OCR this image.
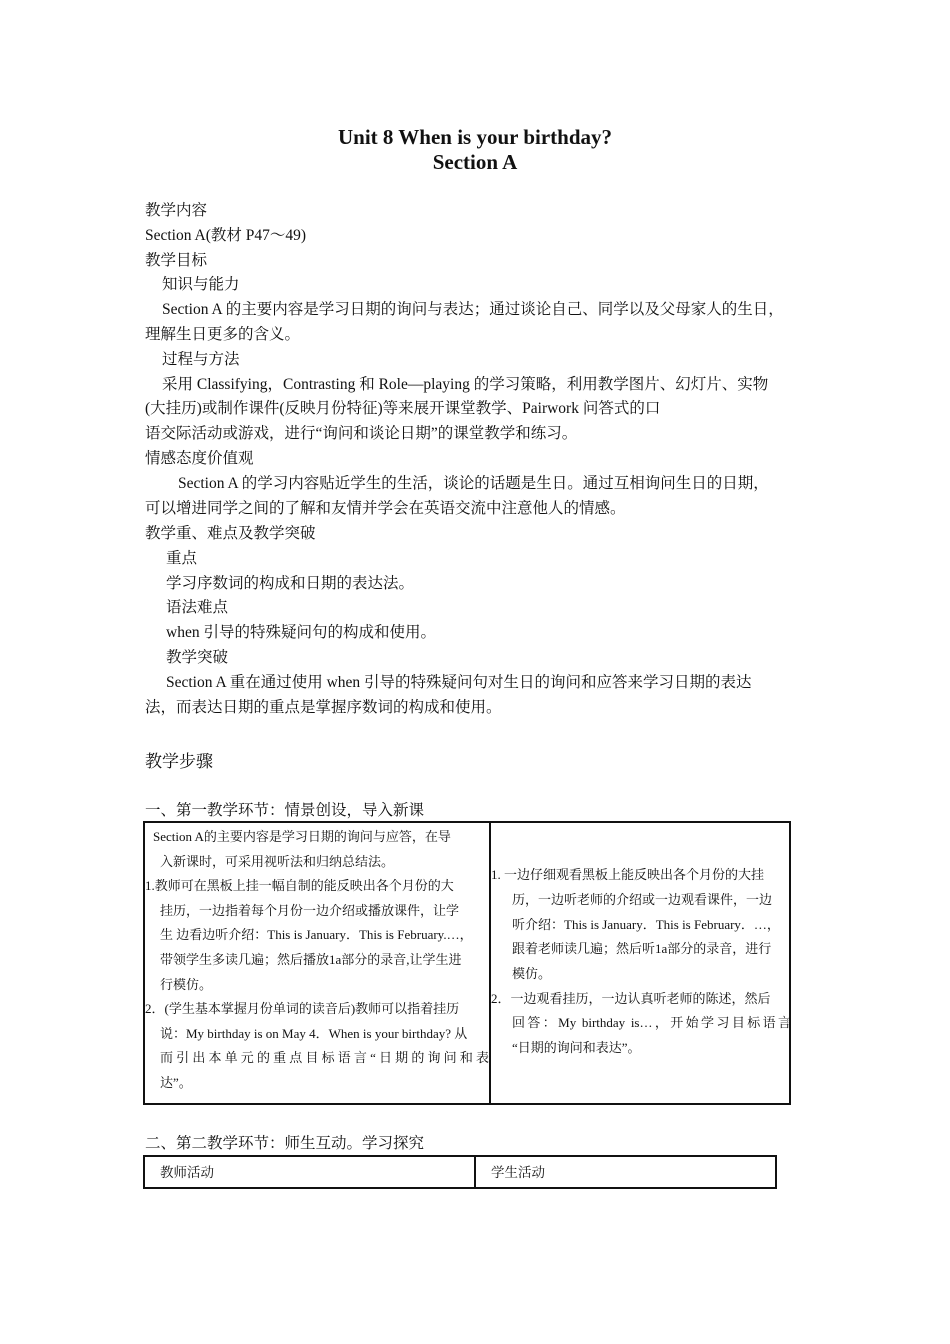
Unit 8 When is your birthday?
Section A
教学内容
Section A(教材 P47～49)
教学目标
知识与能力
Section A 的主要内容是学习日期的询问与表达；通过谈论自己、同学以及父母家人的生日，
理解生日更多的含义。
过程与方法
采用 Classifying，Contrasting 和 Role—playing 的学习策略，利用教学图片、幻灯片、实物
(大挂历)或制作课件(反映月份特征)等来展开课堂教学、Pairwork 问答式的口
语交际活动或游戏，进行“询问和谈论日期”的课堂教学和练习。
情感态度价值观
Section A 的学习内容贴近学生的生活，谈论的话题是生日。通过互相询问生日的日期，
可以增进同学之间的了解和友情并学会在英语交流中注意他人的情感。
教学重、难点及教学突破
重点
学习序数词的构成和日期的表达法。
语法难点
when 引导的特殊疑问句的构成和使用。
教学突破
Section A 重在通过使用 when 引导的特殊疑问句对生日的询问和应答来学习日期的表达
法，而表达日期的重点是掌握序数词的构成和使用。
教学步骤
一、第一教学环节：情景创设，导入新课
Section A的主要内容是学习日期的询问与应答，在导
入新课时，可采用视听法和归纳总结法。
1.教师可在黑板上挂一幅自制的能反映出各个月份的大
挂历，一边指着每个月份一边介绍或播放课件，让学
生 边看边听介绍：This is January．This is February.…，
带领学生多读几遍；然后播放1a部分的录音,让学生进
行模仿。
2．(学生基本掌握月份单词的读音后)教师可以指着挂历
说：My birthday is on May 4．When is your birthday? 从
而引出本单元的重点目标语言“日期的询问和表
达”。

1. 一边仔细观看黑板上能反映出各个月份的大挂
历，一边听老师的介绍或一边观看课件，一边
听介绍：This is January．This is February．…，
跟着老师读几遍；然后听1a部分的录音，进行
模仿。
2．一边观看挂历，一边认真听老师的陈述，然后
回答：My birthday is…，开始学习目标语言
“日期的询问和表达”。
二、第二教学环节：师生互动。学习探究
教师活动	学生活动
